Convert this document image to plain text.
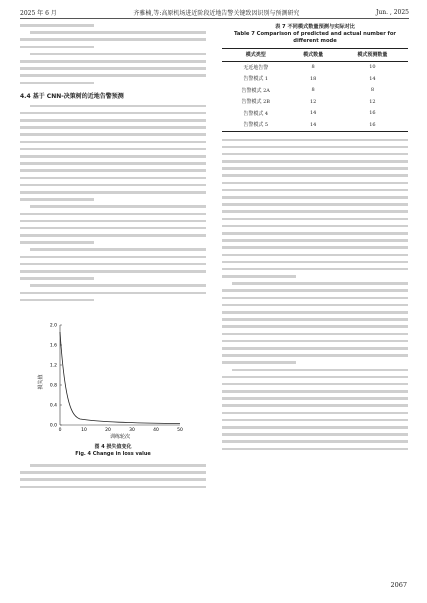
2025 年 6 月	齐雅楠,等:高原机场进近阶段近地告警关键致因识别与预测研究	Jun. , 2025
4.4 基于 CNN-决策树的近地告警预测
损失值
0.0
0.4
0.8
1.2
1.6
2.0
0	10	20	30	40	50
训练轮次
图 4 损失值变化
Fig. 4 Change in loss value
表 7 不同模式数量预测与实际对比
Table 7 Comparison of predicted and actual number for different mode
模式类型	模式数量	模式预测数量
无近地告警	8	10
告警模式 1	18	14
告警模式 2A	8	8
告警模式 2B	12	12
告警模式 4	14	16
告警模式 5	14	16
2067
